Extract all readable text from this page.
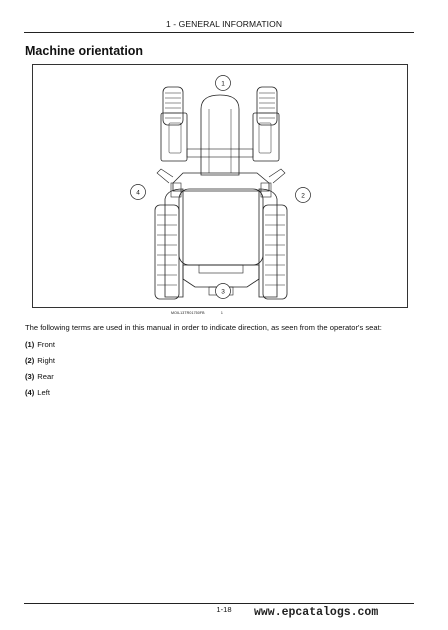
1 - GENERAL INFORMATION
Machine orientation
1
2
3
4
MOIL13TR01750FB	1
The following terms are used in this manual in order to indicate direction, as seen from the operator's seat:
(1) Front
(2) Right
(3) Rear
(4) Left
1-18	www.epcatalogs.com
